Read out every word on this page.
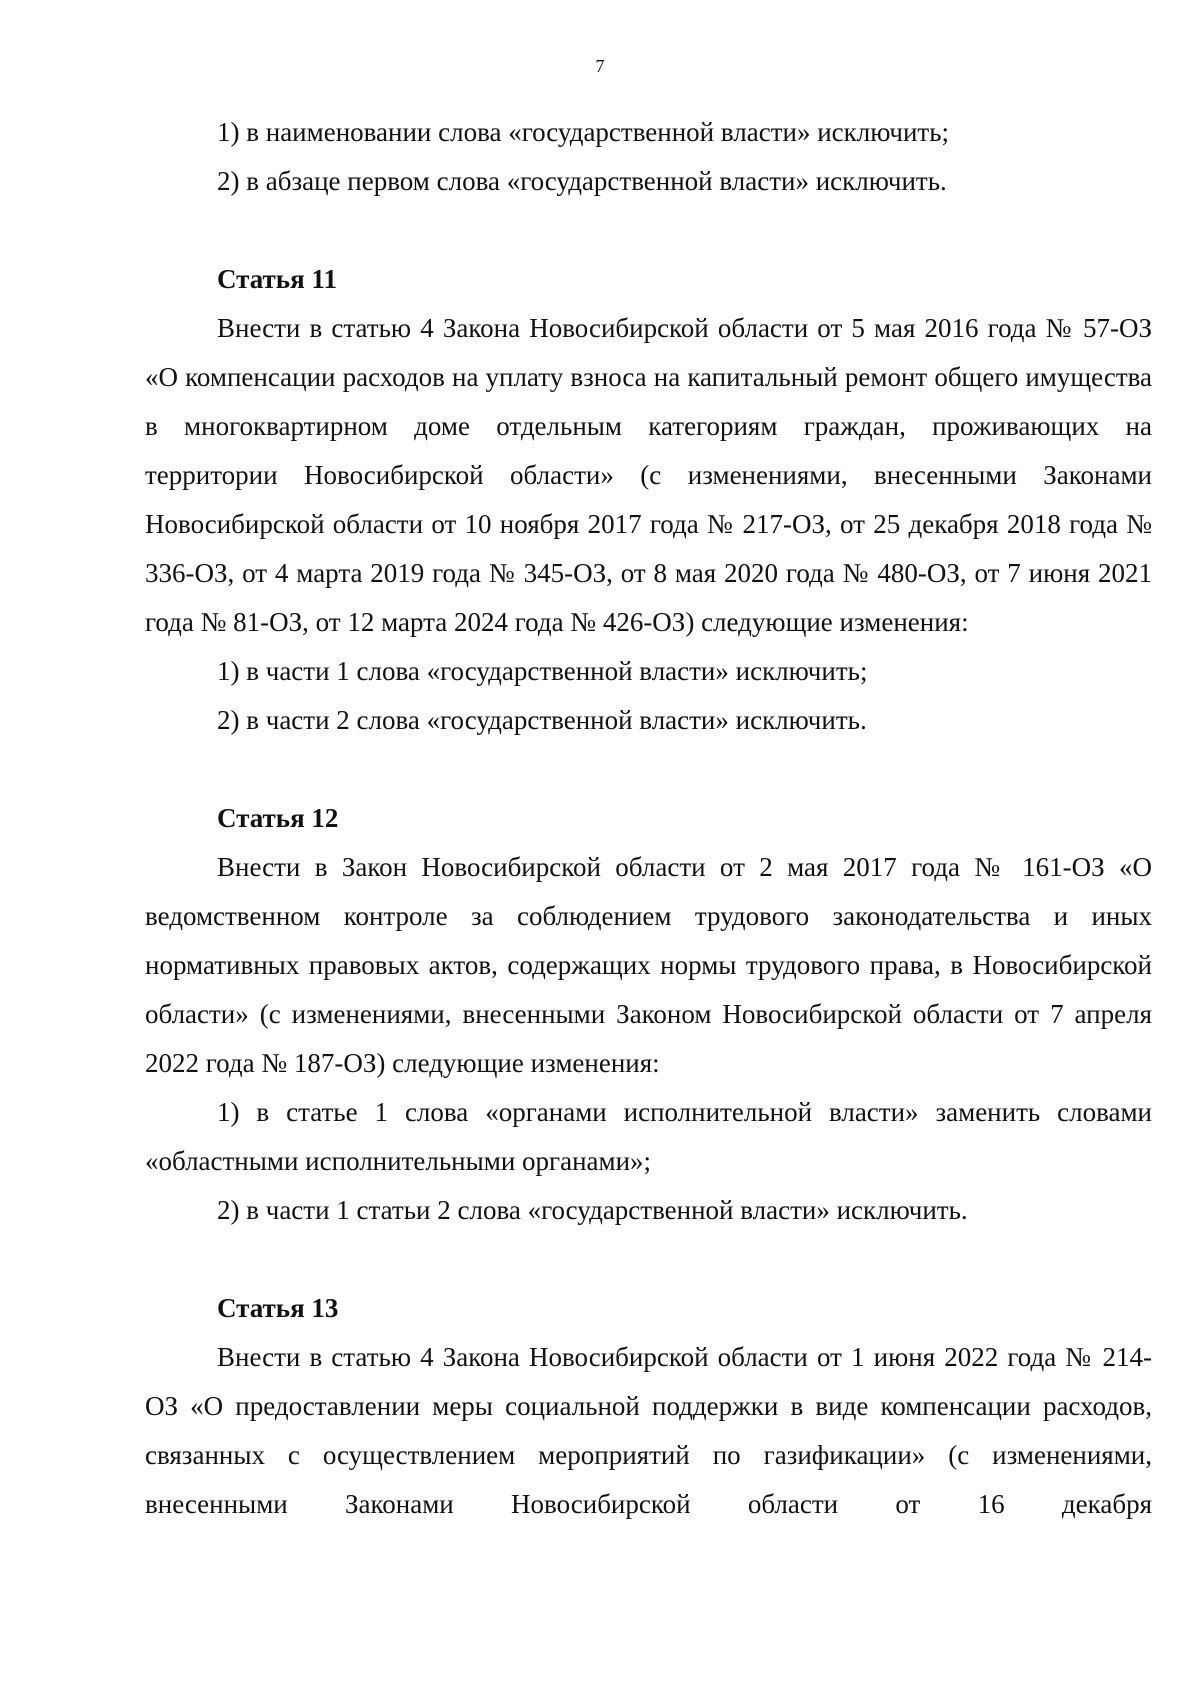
7

1) в наименовании слова «государственной власти» исключить;

2) в абзаце первом слова «государственной власти» исключить.

Статья 11

Внести в статью 4 Закона Новосибирской области от 5 мая 2016 года № 57-ОЗ «О компенсации расходов на уплату взноса на капитальный ремонт общего имущества в многоквартирном доме отдельным категориям граждан, проживающих на территории Новосибирской области» (с изменениями, внесенными Законами Новосибирской области от 10 ноября 2017 года № 217-ОЗ, от 25 декабря 2018 года № 336-ОЗ, от 4 марта 2019 года № 345-ОЗ, от 8 мая 2020 года № 480-ОЗ, от 7 июня 2021 года № 81-ОЗ, от 12 марта 2024 года № 426-ОЗ) следующие изменения:

1) в части 1 слова «государственной власти» исключить;

2) в части 2 слова «государственной власти» исключить.

Статья 12

Внести в Закон Новосибирской области от 2 мая 2017 года № 161-ОЗ «О ведомственном контроле за соблюдением трудового законодательства и иных нормативных правовых актов, содержащих нормы трудового права, в Новосибирской области» (с изменениями, внесенными Законом Новосибирской области от 7 апреля 2022 года № 187-ОЗ) следующие изменения:

1) в статье 1 слова «органами исполнительной власти» заменить словами «областными исполнительными органами»;

2) в части 1 статьи 2 слова «государственной власти» исключить.

Статья 13

Внести в статью 4 Закона Новосибирской области от 1 июня 2022 года № 214-ОЗ «О предоставлении меры социальной поддержки в виде компенсации расходов, связанных с осуществлением мероприятий по газификации» (с изменениями, внесенными Законами Новосибирской области от 16 декабря
